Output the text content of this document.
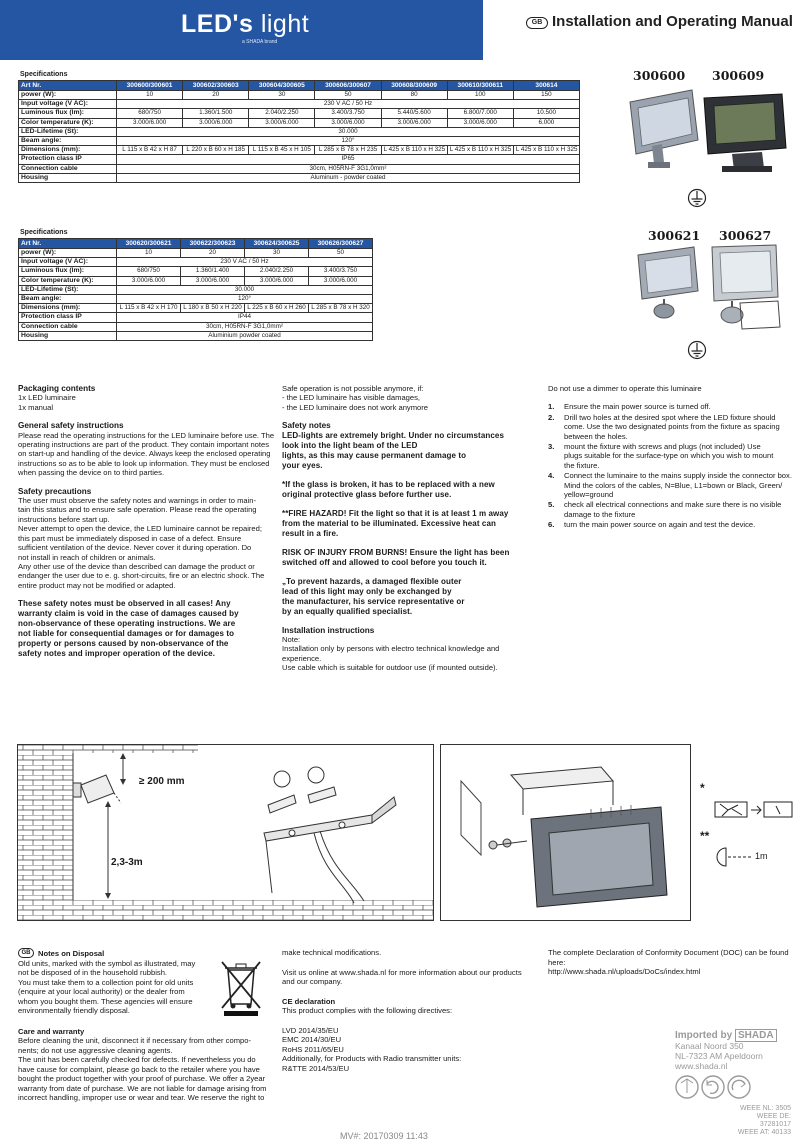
LED's light
a SHADA brand
GB Installation and Operating Manual
Specifications
Art Nr.	300600/300601	300602/300603	300604/300605	300606/300607	300608/300609	300610/300611	300614
power (W):	10	20	30	50	80	100	150
Input voltage (V AC):	230 V AC / 50 Hz						
Luminous flux (lm):	680/750	1.360/1.500	2.040/2.250	3.400/3.750	5.440/5.600	6.800/7.000	10.500
Color temperature (K):	3.000/6.000	3.000/6.000	3.000/6.000	3.000/6.000	3.000/6.000	3.000/6.000	6.000
LED-Lifetime (St):	30.000						
Beam angle:	120°						
Dimensions (mm):	L 115 x B 42 x H 87	L 220 x B 60 x H 185	L 115 x B 45 x H 105	L 285 x B 78 x H 235	L 425 x B 110 x H 325	L 425 x B 110 x H 325	L 425 x B 110 x H 325
Protection class IP	IP65						
Connection cable	30cm, H05RN-F 3G1,0mm²						
Housing	Aluminum - powder coated						
Specifications
Art Nr.	300620/300621	300622/300623	300624/300625	300626/300627
power (W):	10	20	30	50
Input voltage (V AC):	230 V AC / 50 Hz			
Luminous flux (lm):	680/750	1.360/1.400	2.040/2.250	3.400/3.750
Color temperature (K):	3.000/6.000	3.000/6.000	3.000/6.000	3.000/6.000
LED-Lifetime (St):	30.000			
Beam angle:	120°			
Dimensions (mm):	L 115 x B 42 x H 170	L 180 x B 50 x H 220	L 225 x B 60 x H 260	L 285 x B 78 x H 320
Protection class IP	IP44			
Connection cable	30cm, H05RN-F 3G1,0mm²			
Housing	Aluminium powder coated			
300600 300609
300621 300627
Packaging contents

1x LED luminaire

1x manual

General safety instructions

Please read the operating instructions for the LED luminaire before use. The

operating instructions are part of the product. They contain important notes

on start-up and handling of the device. Always keep the enclosed operating

instructions so as to be able to look up information. They must be enclosed

when passing the device on to third parties.

Safety precautions

The user must observe the safety notes and warnings in order to main-

tain this status and to ensure safe operation. Please read the operating

instructions before start up.

Never attempt to open the device, the LED luminaire cannot be repaired;

this part must be immediately disposed in case of a defect. Ensure

sufficient ventilation of the device. Never cover it during operation. Do

not install in reach of children or animals.

Any other use of the device than described can damage the product or

endanger the user due to e. g. short-circuits, fire or an electric shock. The

entire product may not be modified or adapted.

These safety notes must be observed in all cases! Any

warranty claim is void in the case of damages caused by

non-observance of these operating instructions. We are

not liable for consequential damages or for damages to

property or persons caused by non-observance of the

safety notes and improper operation of the device.

Safe operation is not possible anymore, if:

- the LED luminaire has visible damages,

- the LED luminaire does not work anymore

Safety notes

LED-lights are extremely bright. Under no circumstances

look into the light beam of the LED

lights, as this may cause permanent damage to

your eyes.

*If the glass is broken, it has to be replaced with a new

original protective glass before further use.

**FIRE HAZARD! Fit the light so that it is at least 1 m away

from the material to be illuminated. Excessive heat can

result in a fire.

RISK OF INJURY FROM BURNS! Ensure the light has been

switched off and allowed to cool before you touch it.

„To prevent hazards, a damaged flexible outer

lead of this light may only be exchanged by

the manufacturer, his service representative or

by an equally qualified specialist.

Installation instructions

Note:

Installation only by persons with electro technical knowledge and

experience.

Use cable which is suitable for outdoor use (if mounted outside).

Do not use a dimmer to operate this luminaire

1. Ensure the main power source is turned off.
2. Drill two holes at the desired spot where the LED fixture should
come. Use the two designated points from the fixture as spacing
between the holes.
3. mount the fixture with screws and plugs (not included) Use
plugs suitable for the surface-type on which you wish to mount
the fixture.
4. Connect the luminaire to the mains supply inside the connector box.
Mind the colors of the cables, N=Blue, L1=bown or Black, Green/
yellow=ground
5. check all electrical connections and make sure there is no visible
damage to the fixture
6. turn the main power source on again and test the device.
≥ 200 mm
2,3-3m
*
**
1m
GB Notes on Disposal

Old units, marked with the symbol as illustrated, may

not be disposed of in the household rubbish.

You must take them to a collection point for old units

(enquire at your local authority) or the dealer from

whom you bought them. These agencies will ensure

environmentally friendly disposal.

Care and warranty

Before cleaning the unit, disconnect it if necessary from other compo-

nents; do not use aggressive cleaning agents.

The unit has been carefully checked for defects. If nevertheless you do

have cause for complaint, please go back to the retailer where you have

bought the product together with your proof of purchase. We offer a 2year

warranty from date of purchase. We are not liable for damage arising from

incorrect handling, improper use or wear and tear. We reserve the right to

make technical modifications.

Visit us online at www.shada.nl for more information about our products

and our company.

CE declaration

This product complies with the following directives:

LVD 2014/35/EU

EMC 2014/30/EU

RoHS 2011/65/EU

Additionally, for Products with Radio transmitter units:

R&TTE 2014/53/EU

The complete Declaration of Conformity Document (DOC) can be found

here:

http://www.shada.nl/uploads/DoCs/index.html

Imported by SHADA
Kanaal Noord 350
NL-7323 AM Apeldoorn
www.shada.nl
WEEE NL: 3505
WEEE DE: 37281017
WEEE AT: 40133
MV#: 20170309 11:43
